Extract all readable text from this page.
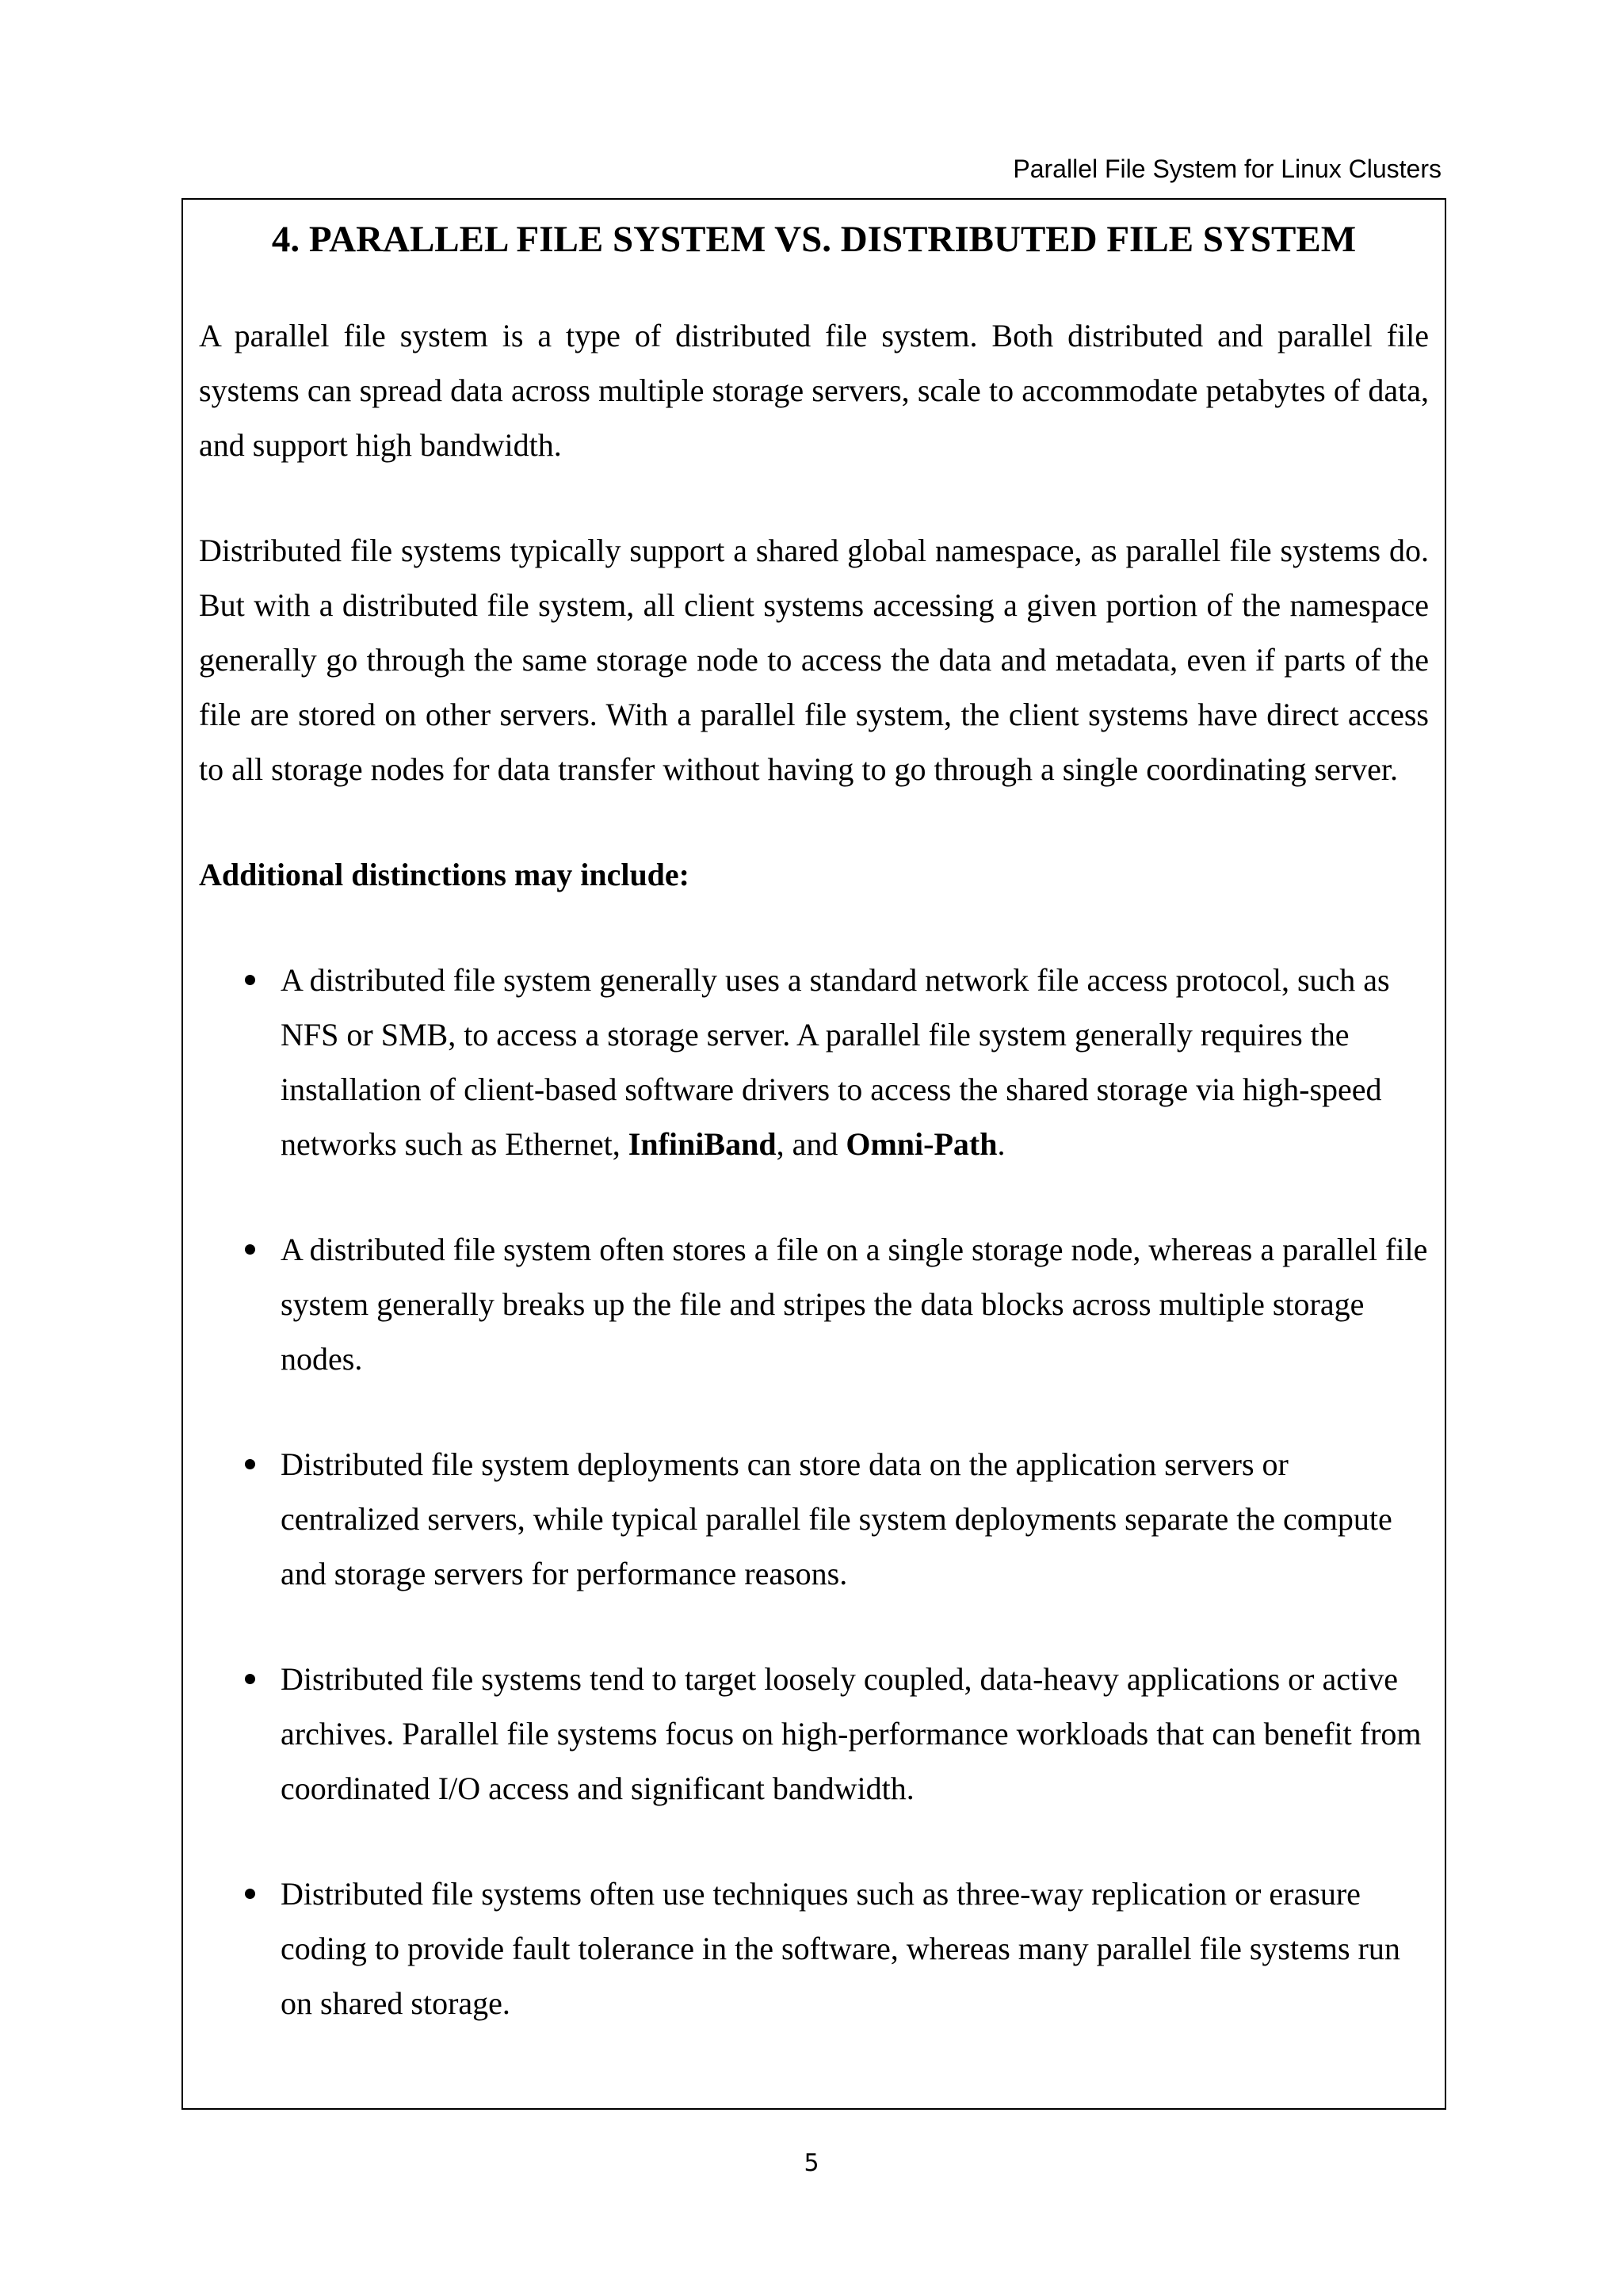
Parallel File System for Linux Clusters
4. PARALLEL FILE SYSTEM VS. DISTRIBUTED FILE SYSTEM

A parallel file system is a type of distributed file system. Both distributed and parallel file systems can spread data across multiple storage servers, scale to accommodate petabytes of data, and support high bandwidth.

Distributed file systems typically support a shared global namespace, as parallel file systems do. But with a distributed file system, all client systems accessing a given portion of the namespace generally go through the same storage node to access the data and metadata, even if parts of the file are stored on other servers. With a parallel file system, the client systems have direct access to all storage nodes for data transfer without having to go through a single coordinating server.

Additional distinctions may include:

A distributed file system generally uses a standard network file access protocol, such as NFS or SMB, to access a storage server. A parallel file system generally requires the installation of client-based software drivers to access the shared storage via high-speed networks such as Ethernet, InfiniBand, and Omni-Path.
A distributed file system often stores a file on a single storage node, whereas a parallel file system generally breaks up the file and stripes the data blocks across multiple storage nodes.
Distributed file system deployments can store data on the application servers or centralized servers, while typical parallel file system deployments separate the compute and storage servers for performance reasons.
Distributed file systems tend to target loosely coupled, data-heavy applications or active archives. Parallel file systems focus on high-performance workloads that can benefit from coordinated I/O access and significant bandwidth.
Distributed file systems often use techniques such as three-way replication or erasure coding to provide fault tolerance in the software, whereas many parallel file systems run on shared storage.
5
